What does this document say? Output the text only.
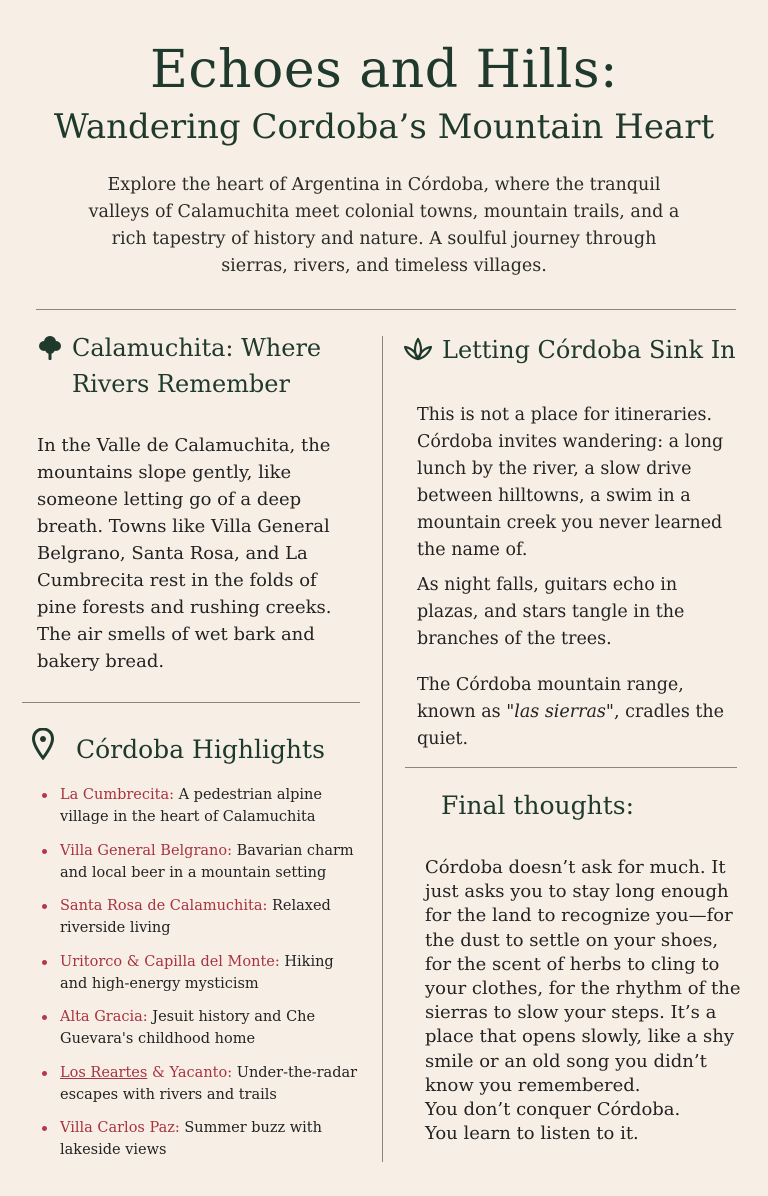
Echoes and Hills:
Wandering Cordoba’s Mountain Heart

Explore the heart of Argentina in Córdoba, where the tranquil valleys of Calamuchita meet colonial towns, mountain trails, and a rich tapestry of history and nature. A soulful journey through sierras, rivers, and timeless villages.

Calamuchita: Where
Rivers Remember

In the Valle de Calamuchita, the mountains slope gently, like someone letting go of a deep breath. Towns like Villa General Belgrano, Santa Rosa, and La Cumbrecita rest in the folds of pine forests and rushing creeks. The air smells of wet bark and bakery bread.

Córdoba Highlights
La Cumbrecita: A pedestrian alpine village in the heart of Calamuchita
Villa General Belgrano: Bavarian charm and local beer in a mountain setting
Santa Rosa de Calamuchita: Relaxed riverside living
Uritorco & Capilla del Monte: Hiking and high-energy mysticism
Alta Gracia: Jesuit history and Che Guevara's childhood home
Los Reartes & Yacanto: Under-the-radar escapes with rivers and trails
Villa Carlos Paz: Summer buzz with lakeside views
Letting Córdoba Sink In

This is not a place for itineraries. Córdoba invites wandering: a long lunch by the river, a slow drive between hilltowns, a swim in a mountain creek you never learned the name of.

As night falls, guitars echo in plazas, and stars tangle in the branches of the trees.

The Córdoba mountain range, known as "las sierras", cradles the quiet.

Final thoughts:
Córdoba doesn’t ask for much. It just asks you to stay long enough for the land to recognize you—for the dust to settle on your shoes, for the scent of herbs to cling to your clothes, for the rhythm of the sierras to slow your steps. It’s a place that opens slowly, like a shy smile or an old song you didn’t know you remembered.
You don’t conquer Córdoba.
You learn to listen to it.
